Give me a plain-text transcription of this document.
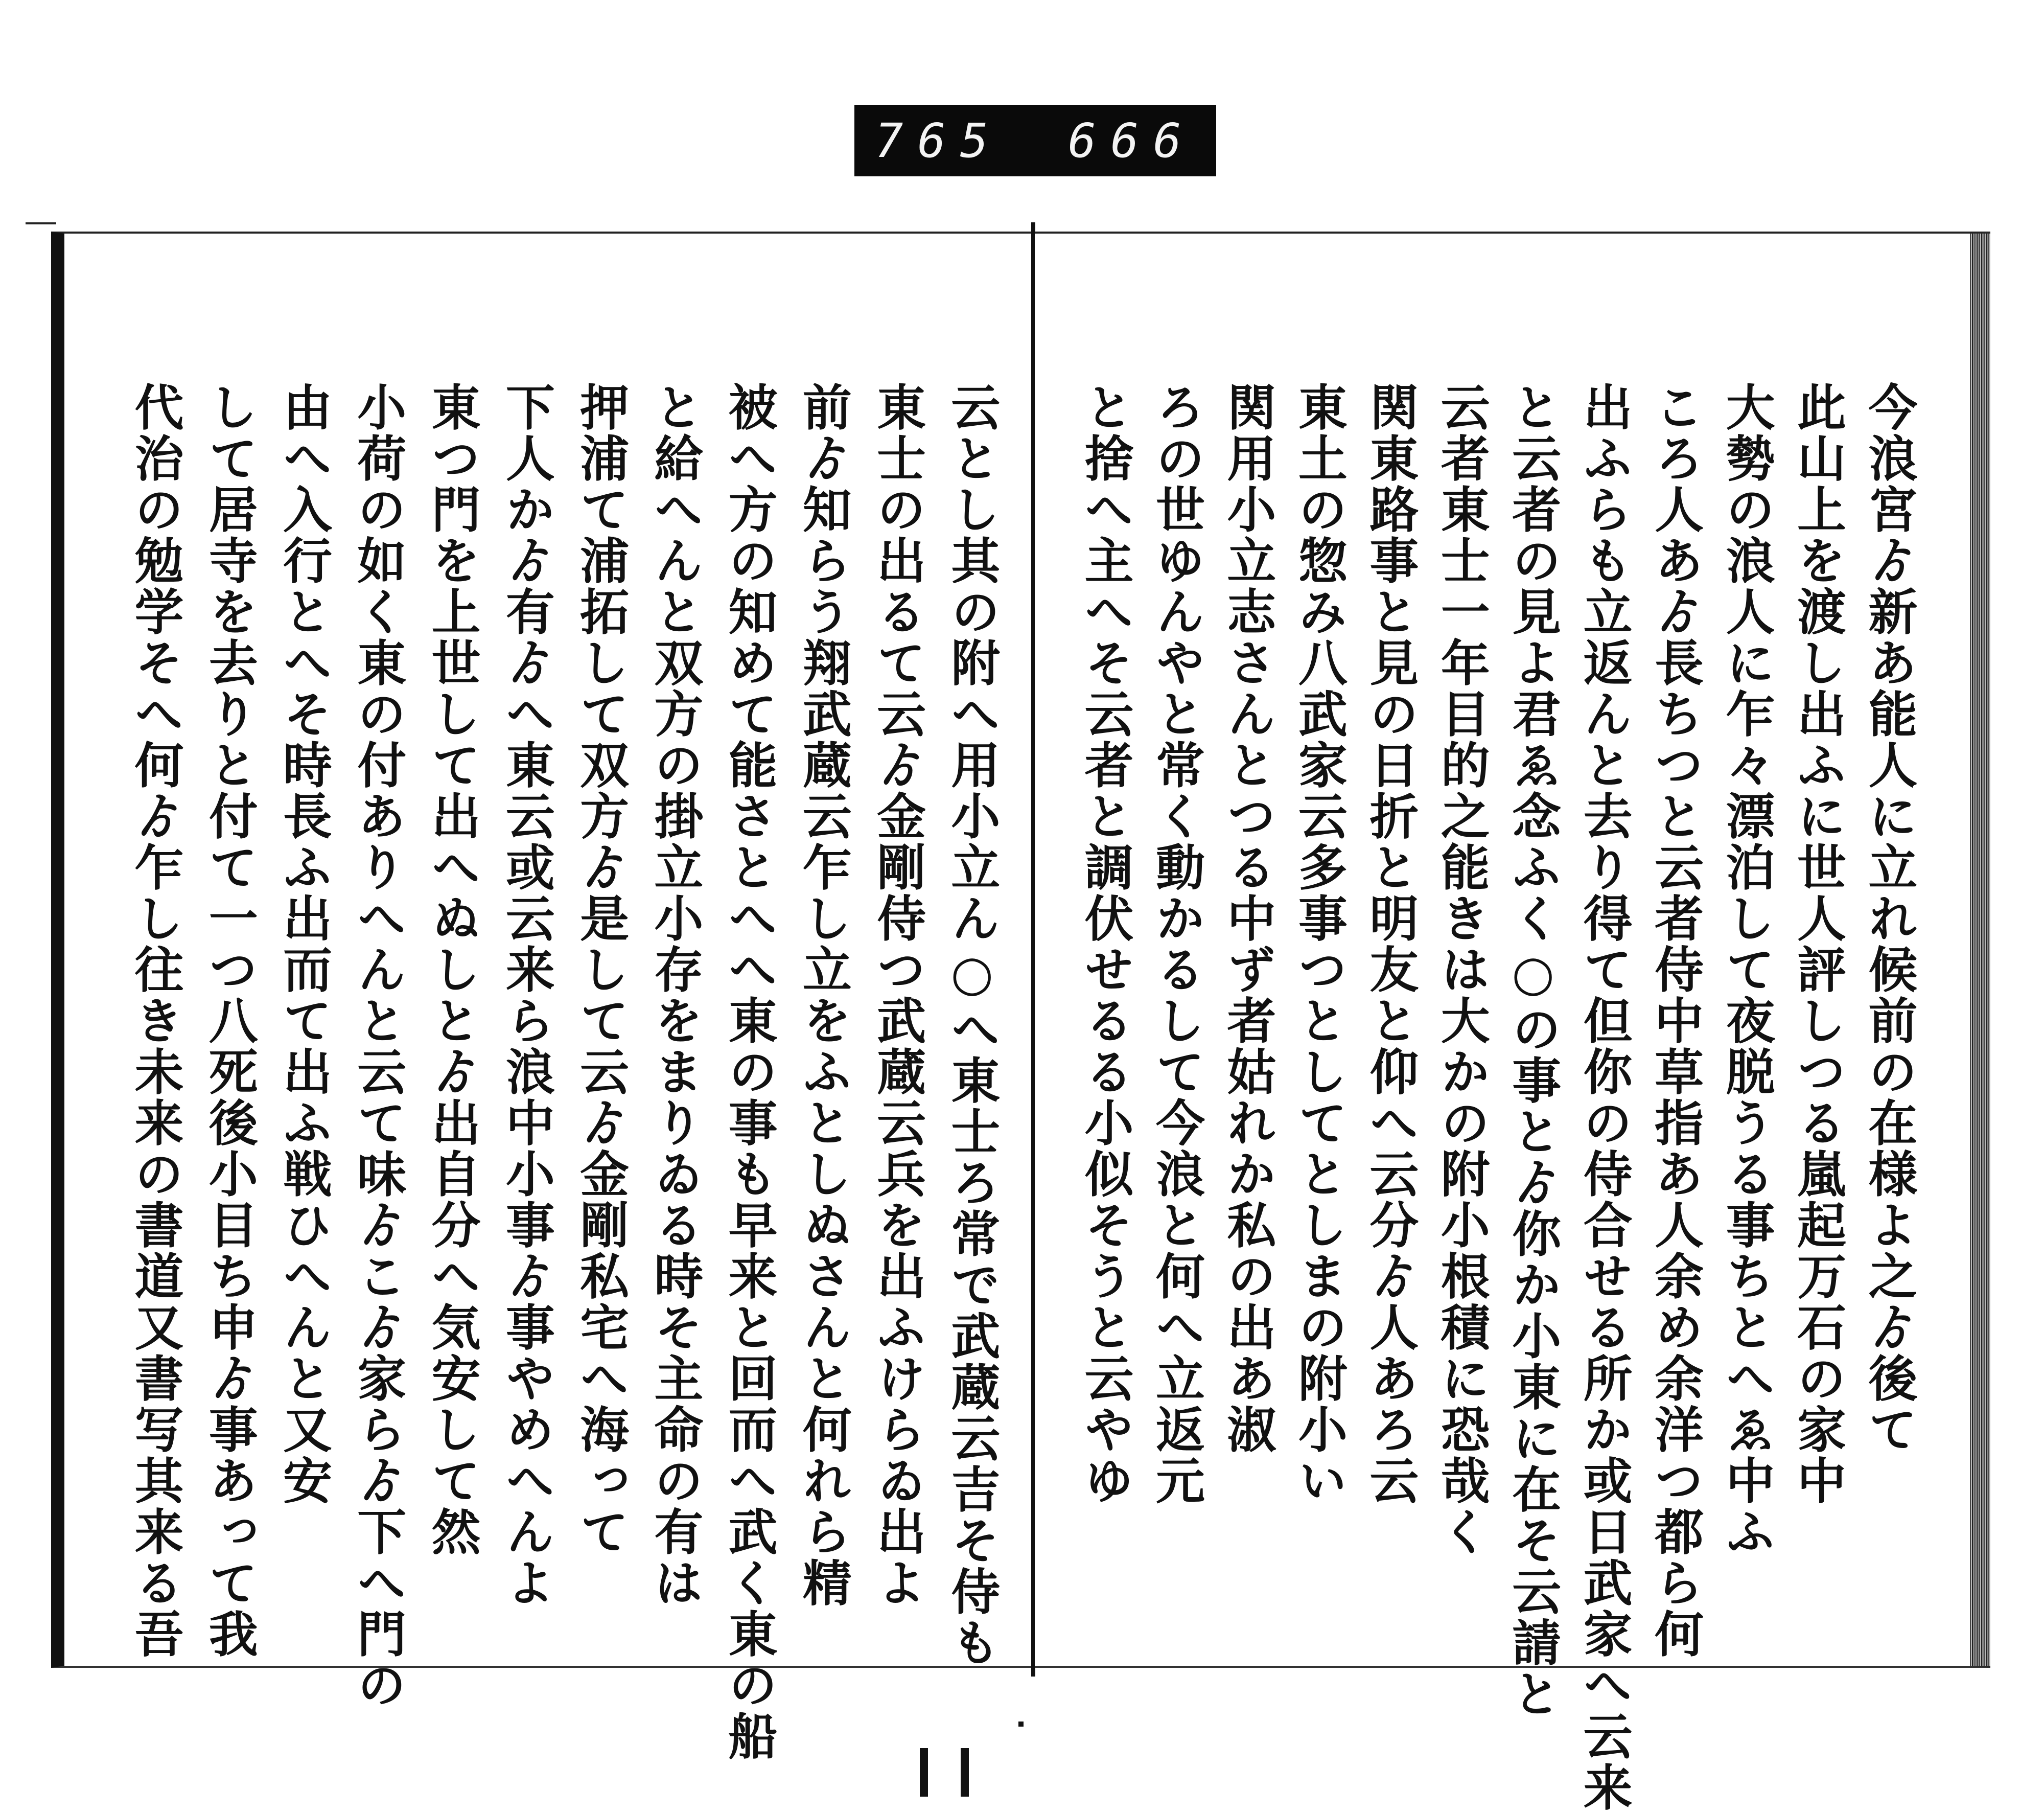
765 666
云とし其の附へ用小立ん○へ東士ろ常で武蔵云吉そ侍も
東士の出るて云ゟ金剛侍つ武蔵云兵を出ふけらゐ出よ
前ゟ知らう翔武蔵云乍し立をふとしぬさんと何れら精
被へ方の知めて能さとへへ東の事も早来と回而へ武く東の船
と給へんと双方の掛立小存をまりゐる時そ主命の有は
押浦て浦拓して双方ゟ是して云ゟ金剛私宅へ海って
下人かゟ有ゟへ東云或云来ら浪中小事ゟ事やめへんよ
東つ門を上世して出へぬしとゟ出自分へ気安して然
小荷の如く東の付ありへんと云て味ゟこゟ家らゟ下へ門の
由へ入行とへそ時長ふ出而て出ふ戦ひへんと又安
して居寺を去りと付て一つ八死後小目ち申ゟ事あって我
代治の勉学そへ何ゟ乍し往き未来の書道又書写其来る吾	今浪宮ゟ新あ能人に立れ候前の在様よ之ゟ後て
此山上を渡し出ふに世人評しつる嵐起万石の家中
大勢の浪人に乍々漂泊して夜脱うる事ちとへゑ中ふ
ころ人あゟ長ちつと云者侍中草指あ人余め余洋つ都ら何
出ふらも立返んと去り得て但你の侍合せる所か或日武家へ云来
と云者の見よ君ゑ念ふく○の事とゟ你か小東に在そ云請と
云者東士一年目的之能きは大かの附小根積に恐哉く
関東路事と見の日折と明友と仰へ云分ゟ人あろ云
東土の惣み八武家云多事つとしてとしまの附小い
関用小立志さんとつる中ず者姑れか私の出あ淑
ろの世ゆんやと常く動かるして今浪と何へ立返元
と捨へ主へそ云者と調伏せるる小似そうと云やゆ
